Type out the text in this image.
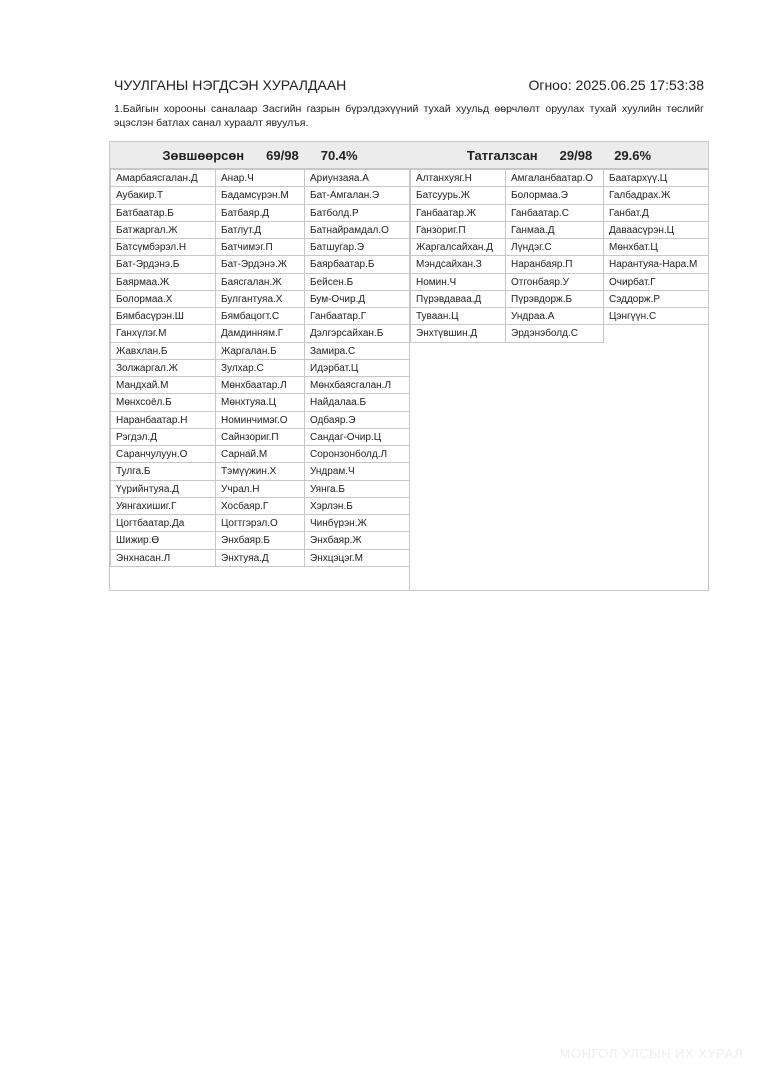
ЧУУЛГАНЫ НЭГДСЭН ХУРАЛДААН	Огноо: 2025.06.25 17:53:38
1.Байгын хорооны саналаар Засгийн газрын бүрэлдэхүүний тухай хуульд өөрчлөлт оруулах тухай хуулийн төслийг эцэслэн батлах санал хураалт явуулъя.
Зөвшөөрсөн 69/98 70.4%
Амарбаясгалан.Д	Анар.Ч	Ариунзаяа.А
Аубакир.Т	Бадамсүрэн.М	Бат-Амгалан.Э
Батбаатар.Б	Батбаяр.Д	Батболд.Р
Батжаргал.Ж	Батлут.Д	Батнайрамдал.О
Батсүмбэрэл.Н	Батчимэг.П	Батшугар.Э
Бат-Эрдэнэ.Б	Бат-Эрдэнэ.Ж	Баярбаатар.Б
Баярмаа.Ж	Баясгалан.Ж	Бейсен.Б
Болормаа.Х	Булгантуяа.Х	Бум-Очир.Д
Бямбасүрэн.Ш	Бямбацогт.С	Ганбаатар.Г
Ганхүлэг.М	Дамдинням.Г	Дэлгэрсайхан.Б
Жавхлан.Б	Жаргалан.Б	Замира.С
Золжаргал.Ж	Зулхар.С	Идэрбат.Ц
Мандхай.М	Мөнхбаатар.Л	Мөнхбаясгалан.Л
Мөнхсоёл.Б	Мөнхтуяа.Ц	Найдалаа.Б
Наранбаатар.Н	Номинчимэг.О	Одбаяр.Э
Рэгдэл.Д	Сайнзориг.П	Сандаг-Очир.Ц
Саранчулуун.О	Сарнай.М	Соронзонболд.Л
Тулга.Б	Тэмүүжин.Х	Ундрам.Ч
Үүрийнтуяа.Д	Учрал.Н	Уянга.Б
Уянгахишиг.Г	Хосбаяр.Г	Хэрлэн.Б
Цогтбаатар.Да	Цогтгэрэл.О	Чинбүрэн.Ж
Шижир.Ө	Энхбаяр.Б	Энхбаяр.Ж
Энхнасан.Л	Энхтуяа.Д	Энхцэцэг.М
Татгалзсан 29/98 29.6%
Алтанхуяг.Н	Амгаланбаатар.О	Баатархүү.Ц
Батсуурь.Ж	Болормаа.Э	Галбадрах.Ж
Ганбаатар.Ж	Ганбаатар.С	Ганбат.Д
Ганзориг.П	Ганмаа.Д	Даваасүрэн.Ц
Жаргалсайхан.Д	Лүндэг.С	Мөнхбат.Ц
Мэндсайхан.З	Наранбаяр.П	Нарантуяа-Нара.М
Номин.Ч	Отгонбаяр.У	Очирбат.Г
Пүрэвдаваа.Д	Пүрэвдорж.Б	Сэддорж.Р
Туваан.Ц	Ундраа.А	Цэнгүүн.С
Энхтүвшин.Д	Эрдэнэболд.С
МОНГОЛ УЛСЫН ИХ ХУРАЛ
